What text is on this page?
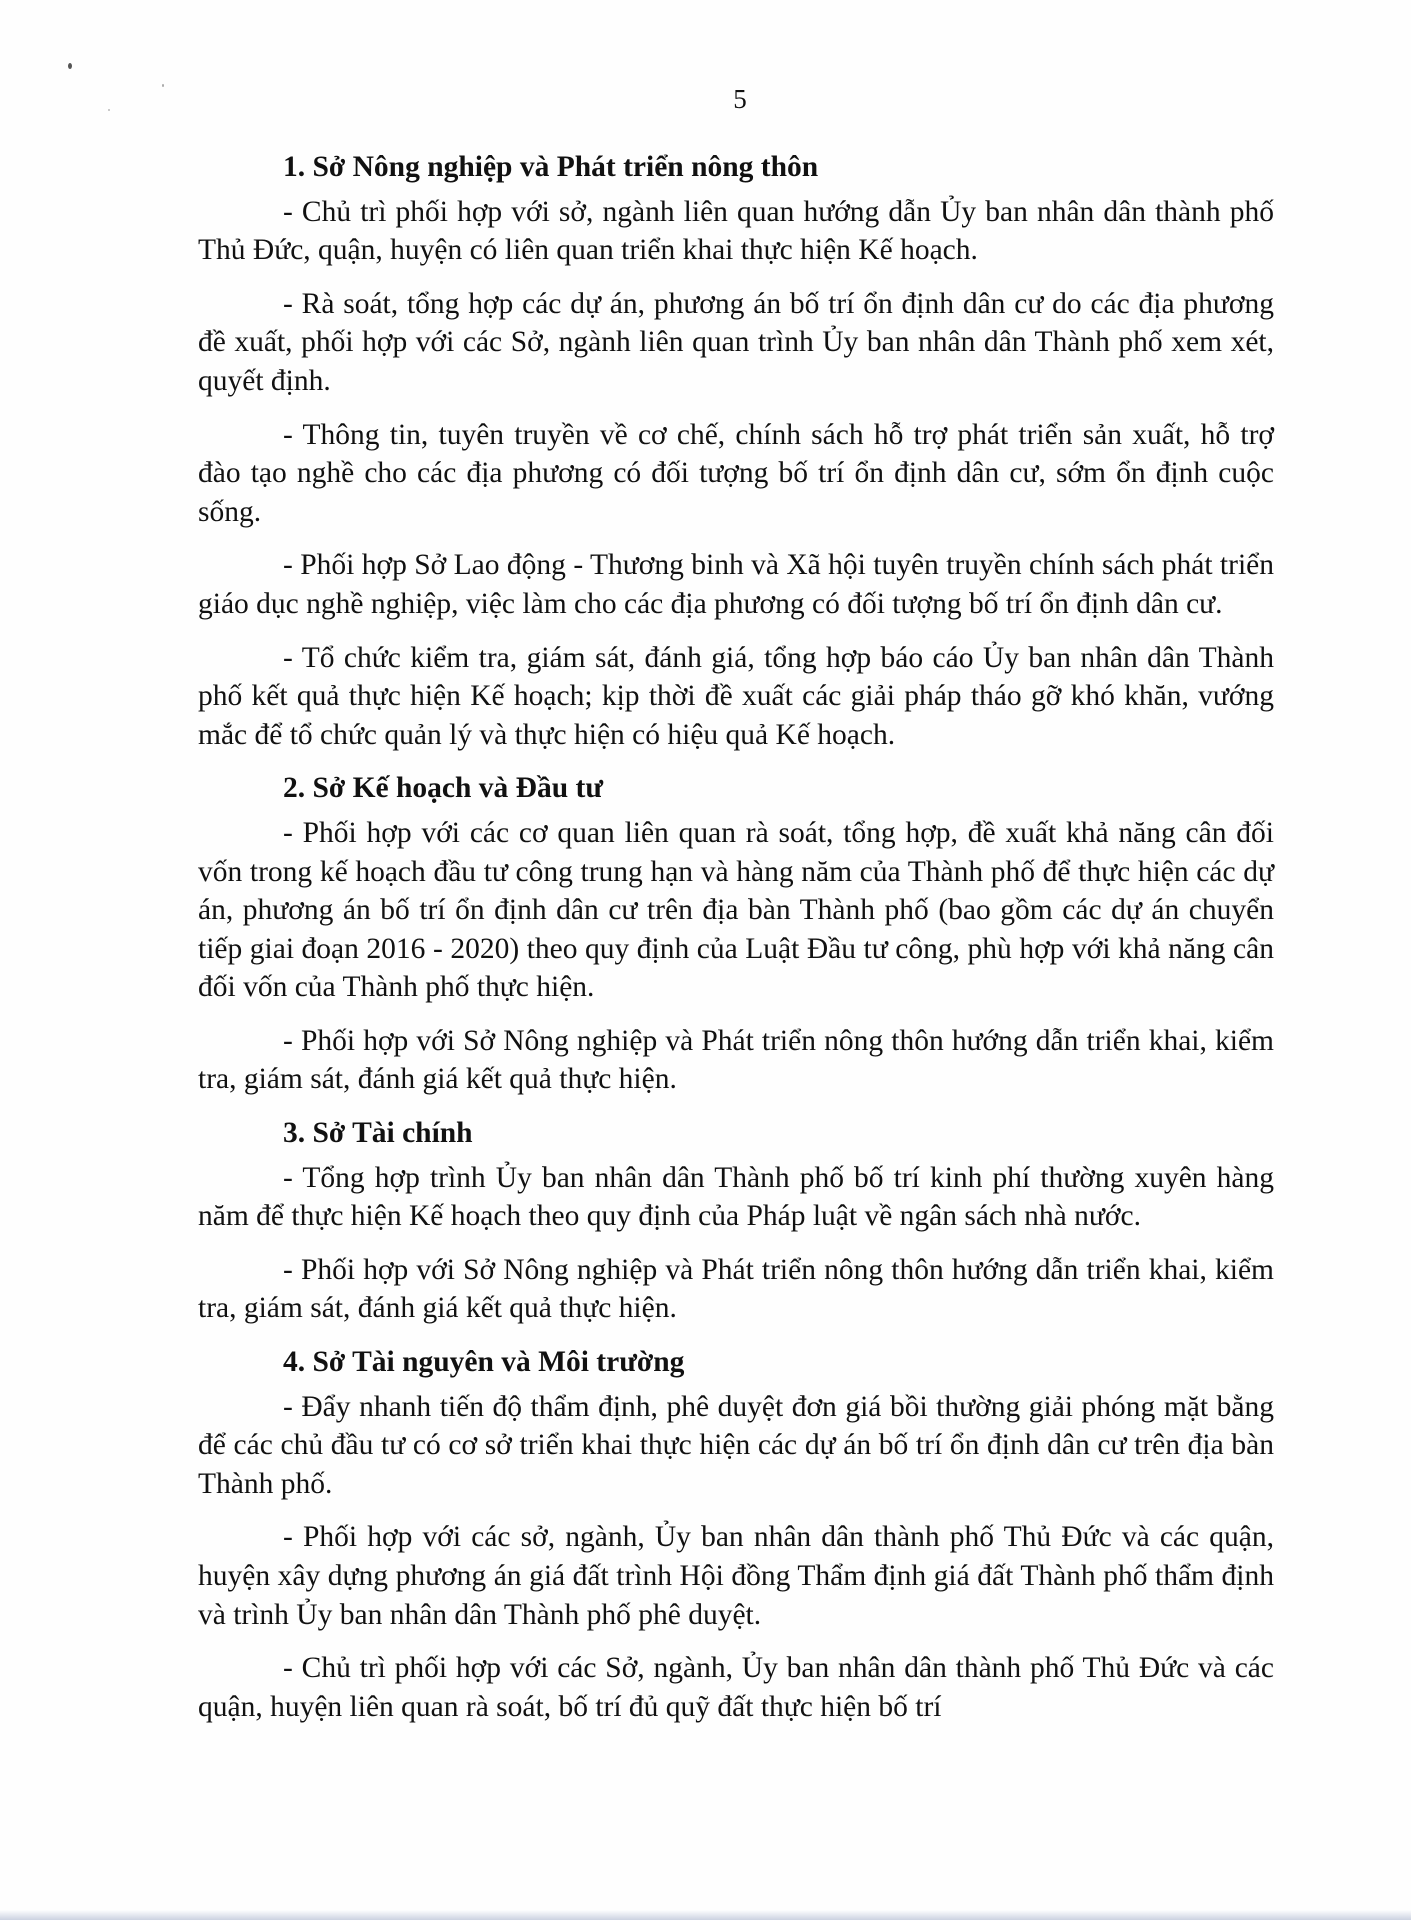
5

1. Sở Nông nghiệp và Phát triển nông thôn

- Chủ trì phối hợp với sở, ngành liên quan hướng dẫn Ủy ban nhân dân thành phố Thủ Đức, quận, huyện có liên quan triển khai thực hiện Kế hoạch.

- Rà soát, tổng hợp các dự án, phương án bố trí ổn định dân cư do các địa phương đề xuất, phối hợp với các Sở, ngành liên quan trình Ủy ban nhân dân Thành phố xem xét, quyết định.

- Thông tin, tuyên truyền về cơ chế, chính sách hỗ trợ phát triển sản xuất, hỗ trợ đào tạo nghề cho các địa phương có đối tượng bố trí ổn định dân cư, sớm ổn định cuộc sống.

- Phối hợp Sở Lao động - Thương binh và Xã hội tuyên truyền chính sách phát triển giáo dục nghề nghiệp, việc làm cho các địa phương có đối tượng bố trí ổn định dân cư.

- Tổ chức kiểm tra, giám sát, đánh giá, tổng hợp báo cáo Ủy ban nhân dân Thành phố kết quả thực hiện Kế hoạch; kịp thời đề xuất các giải pháp tháo gỡ khó khăn, vướng mắc để tổ chức quản lý và thực hiện có hiệu quả Kế hoạch.

2. Sở Kế hoạch và Đầu tư

- Phối hợp với các cơ quan liên quan rà soát, tổng hợp, đề xuất khả năng cân đối vốn trong kế hoạch đầu tư công trung hạn và hàng năm của Thành phố để thực hiện các dự án, phương án bố trí ổn định dân cư trên địa bàn Thành phố (bao gồm các dự án chuyển tiếp giai đoạn 2016 - 2020) theo quy định của Luật Đầu tư công, phù hợp với khả năng cân đối vốn của Thành phố thực hiện.

- Phối hợp với Sở Nông nghiệp và Phát triển nông thôn hướng dẫn triển khai, kiểm tra, giám sát, đánh giá kết quả thực hiện.

3. Sở Tài chính

- Tổng hợp trình Ủy ban nhân dân Thành phố bố trí kinh phí thường xuyên hàng năm để thực hiện Kế hoạch theo quy định của Pháp luật về ngân sách nhà nước.

- Phối hợp với Sở Nông nghiệp và Phát triển nông thôn hướng dẫn triển khai, kiểm tra, giám sát, đánh giá kết quả thực hiện.

4. Sở Tài nguyên và Môi trường

- Đẩy nhanh tiến độ thẩm định, phê duyệt đơn giá bồi thường giải phóng mặt bằng để các chủ đầu tư có cơ sở triển khai thực hiện các dự án bố trí ổn định dân cư trên địa bàn Thành phố.

- Phối hợp với các sở, ngành, Ủy ban nhân dân thành phố Thủ Đức và các quận, huyện xây dựng phương án giá đất trình Hội đồng Thẩm định giá đất Thành phố thẩm định và trình Ủy ban nhân dân Thành phố phê duyệt.

- Chủ trì phối hợp với các Sở, ngành, Ủy ban nhân dân thành phố Thủ Đức và các quận, huyện liên quan rà soát, bố trí đủ quỹ đất thực hiện bố trí
